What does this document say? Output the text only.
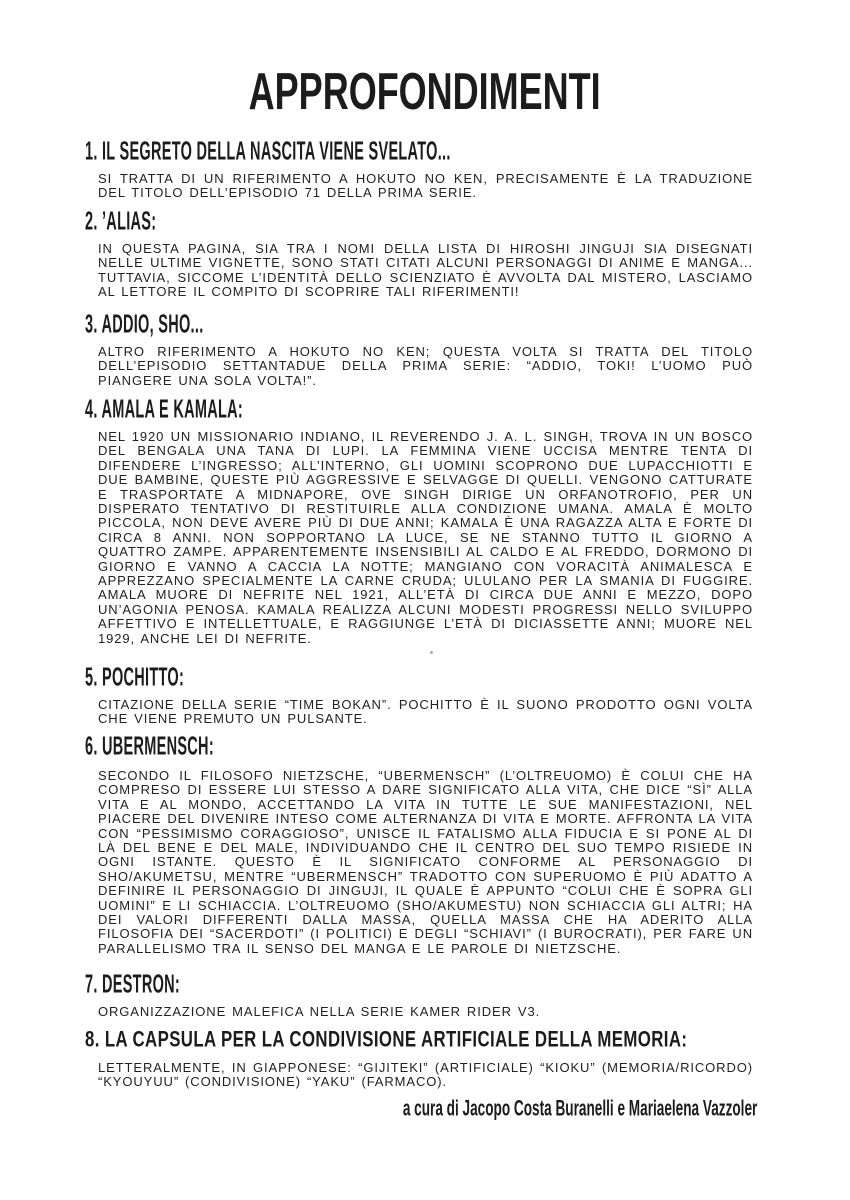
APPROFONDIMENTI
1. IL SEGRETO DELLA NASCITA VIENE SVELATO...

SI TRATTA DI UN RIFERIMENTO A HOKUTO NO KEN, PRECISAMENTE È LA TRADUZIONE DEL TITOLO DELL’EPISODIO 71 DELLA PRIMA SERIE.

2. ’ALIAS:

IN QUESTA PAGINA, SIA TRA I NOMI DELLA LISTA DI HIROSHI JINGUJI SIA DISEGNATI NELLE ULTIME VIGNETTE, SONO STATI CITATI ALCUNI PERSONAGGI DI ANIME E MANGA... TUTTAVIA, SICCOME L’IDENTITÀ DELLO SCIENZIATO È AVVOLTA DAL MISTERO, LASCIAMO AL LETTORE IL COMPITO DI SCOPRIRE TALI RIFERIMENTI!

3. ADDIO, SHO...

ALTRO RIFERIMENTO A HOKUTO NO KEN; QUESTA VOLTA SI TRATTA DEL TITOLO DELL’EPISODIO SETTANTADUE DELLA PRIMA SERIE: “ADDIO, TOKI! L’UOMO PUÒ PIANGERE UNA SOLA VOLTA!”.

4. AMALA E KAMALA:

NEL 1920 UN MISSIONARIO INDIANO, IL REVERENDO J. A. L. SINGH, TROVA IN UN BOSCO DEL BENGALA UNA TANA DI LUPI. LA FEMMINA VIENE UCCISA MENTRE TENTA DI DIFENDERE L’INGRESSO; ALL’INTERNO, GLI UOMINI SCOPRONO DUE LUPACCHIOTTI E DUE BAMBINE, QUESTE PIÙ AGGRESSIVE E SELVAGGE DI QUELLI. VENGONO CATTURATE E TRASPORTATE A MIDNAPORE, OVE SINGH DIRIGE UN ORFANOTROFIO, PER UN DISPERATO TENTATIVO DI RESTITUIRLE ALLA CONDIZIONE UMANA. AMALA È MOLTO PICCOLA, NON DEVE AVERE PIÙ DI DUE ANNI; KAMALA È UNA RAGAZZA ALTA E FORTE DI CIRCA 8 ANNI. NON SOPPORTANO LA LUCE, SE NE STANNO TUTTO IL GIORNO A QUATTRO ZAMPE. APPARENTEMENTE INSENSIBILI AL CALDO E AL FREDDO, DORMONO DI GIORNO E VANNO A CACCIA LA NOTTE; MANGIANO CON VORACITÀ ANIMALESCA E APPREZZANO SPECIALMENTE LA CARNE CRUDA; ULULANO PER LA SMANIA DI FUGGIRE. AMALA MUORE DI NEFRITE NEL 1921, ALL’ETÀ DI CIRCA DUE ANNI E MEZZO, DOPO UN’AGONIA PENOSA. KAMALA REALIZZA ALCUNI MODESTI PROGRESSI NELLO SVILUPPO AFFETTIVO E INTELLETTUALE, E RAGGIUNGE L’ETÀ DI DICIASSETTE ANNI; MUORE NEL 1929, ANCHE LEI DI NEFRITE.

5. POCHITTO:

CITAZIONE DELLA SERIE “TIME BOKAN”. POCHITTO È IL SUONO PRODOTTO OGNI VOLTA CHE VIENE PREMUTO UN PULSANTE.

6. UBERMENSCH:

SECONDO IL FILOSOFO NIETZSCHE, “UBERMENSCH” (L’OLTREUOMO) È COLUI CHE HA COMPRESO DI ESSERE LUI STESSO A DARE SIGNIFICATO ALLA VITA, CHE DICE “SÌ” ALLA VITA E AL MONDO, ACCETTANDO LA VITA IN TUTTE LE SUE MANIFESTAZIONI, NEL PIACERE DEL DIVENIRE INTESO COME ALTERNANZA DI VITA E MORTE. AFFRONTA LA VITA CON “PESSIMISMO CORAGGIOSO”, UNISCE IL FATALISMO ALLA FIDUCIA E SI PONE AL DI LÀ DEL BENE E DEL MALE, INDIVIDUANDO CHE IL CENTRO DEL SUO TEMPO RISIEDE IN OGNI ISTANTE. QUESTO È IL SIGNIFICATO CONFORME AL PERSONAGGIO DI SHO/AKUMETSU, MENTRE “UBERMENSCH” TRADOTTO CON SUPERUOMO È PIÙ ADATTO A DEFINIRE IL PERSONAGGIO DI JINGUJI, IL QUALE È APPUNTO “COLUI CHE È SOPRA GLI UOMINI” E LI SCHIACCIA. L’OLTREUOMO (SHO/AKUMESTU) NON SCHIACCIA GLI ALTRI; HA DEI VALORI DIFFERENTI DALLA MASSA, QUELLA MASSA CHE HA ADERITO ALLA FILOSOFIA DEI “SACERDOTI” (I POLITICI) E DEGLI “SCHIAVI” (I BUROCRATI), PER FARE UN PARALLELISMO TRA IL SENSO DEL MANGA E LE PAROLE DI NIETZSCHE.

7. DESTRON:

ORGANIZZAZIONE MALEFICA NELLA SERIE KAMER RIDER V3.

8. LA CAPSULA PER LA CONDIVISIONE ARTIFICIALE DELLA MEMORIA:

LETTERALMENTE, IN GIAPPONESE: “GIJITEKI” (ARTIFICIALE) “KIOKU” (MEMORIA/RICORDO) “KYOUYUU” (CONDIVISIONE) “YAKU” (FARMACO).

a cura di Jacopo Costa Buranelli e Mariaelena Vazzoler
